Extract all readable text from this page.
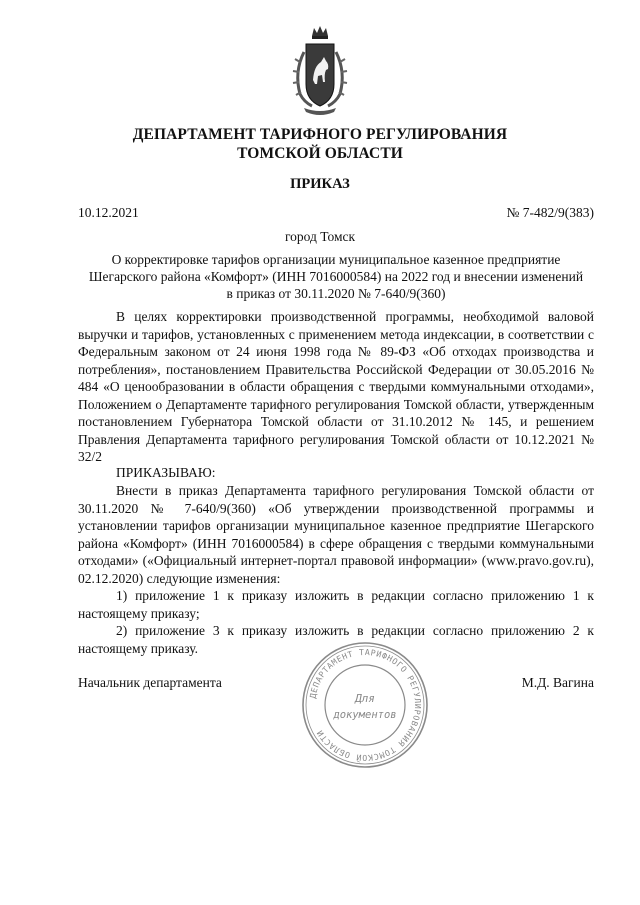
ДЕПАРТАМЕНТ ТАРИФНОГО РЕГУЛИРОВАНИЯ
ТОМСКОЙ ОБЛАСТИ
ПРИКАЗ
10.12.2021	№ 7-482/9(383)
город Томск
О корректировке тарифов организации муниципальное казенное предприятие
Шегарского района «Комфорт» (ИНН 7016000584) на 2022 год и внесении изменений
в приказ от 30.11.2020 № 7-640/9(360)

В целях корректировки производственной программы, необходимой валовой выручки и тарифов, установленных с применением метода индексации, в соответствии с Федеральным законом от 24 июня 1998 года № 89-ФЗ «Об отходах производства и потребления», постановлением Правительства Российской Федерации от 30.05.2016 № 484 «О ценообразовании в области обращения с твердыми коммунальными отходами», Положением о Департаменте тарифного регулирования Томской области, утвержденным постановлением Губернатора Томской области от 31.10.2012 № 145, и решением Правления Департамента тарифного регулирования Томской области от 10.12.2021 № 32/2

ПРИКАЗЫВАЮ:

Внести в приказ Департамента тарифного регулирования Томской области от 30.11.2020 № 7-640/9(360) «Об утверждении производственной программы и установлении тарифов организации муниципальное казенное предприятие Шегарского района «Комфорт» (ИНН 7016000584) в сфере обращения с твердыми коммунальными отходами» («Официальный интернет-портал правовой информации» (www.pravo.gov.ru), 02.12.2020) следующие изменения:

1) приложение 1 к приказу изложить в редакции согласно приложению 1 к настоящему приказу;

2) приложение 3 к приказу изложить в редакции согласно приложению 2 к настоящему приказу.

Начальник департамента	М.Д. Вагина
ДЕПАРТАМЕНТ ТАРИФНОГО РЕГУЛИРОВАНИЯ ТОМСКОЙ ОБЛАСТИ
Для
документов
